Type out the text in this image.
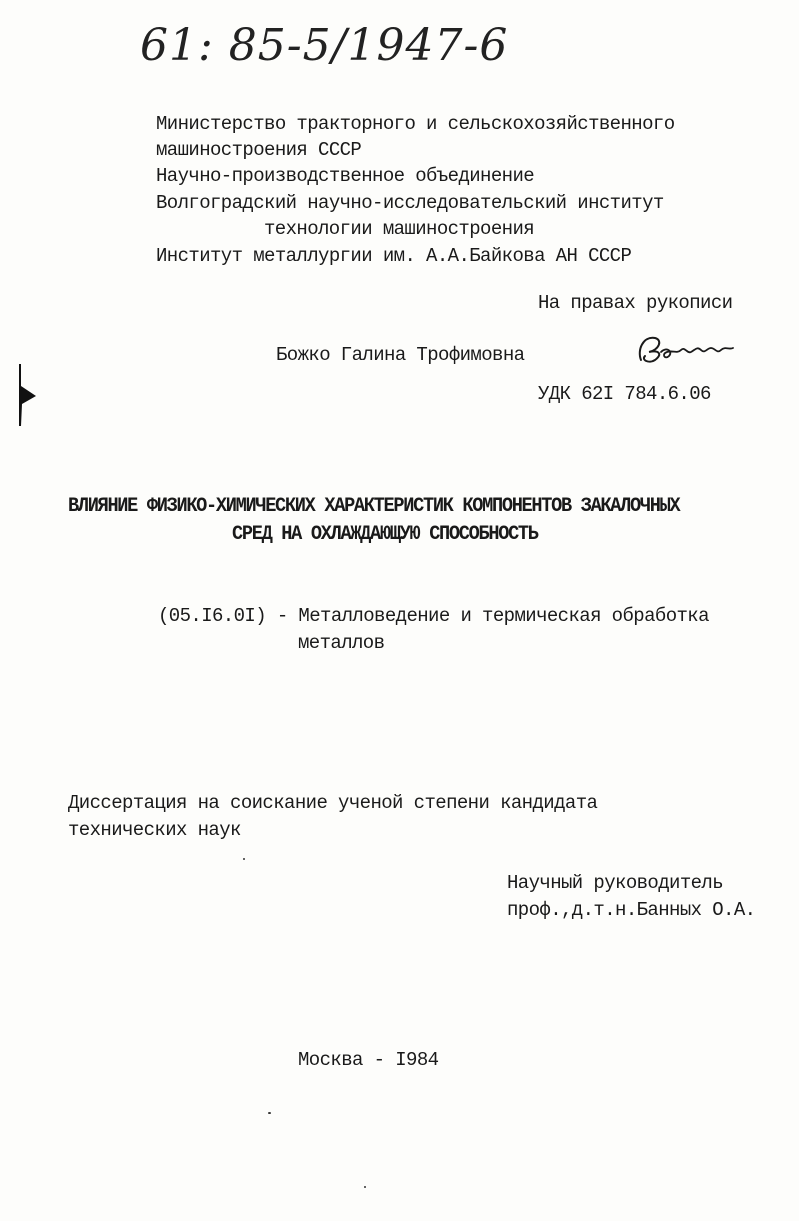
61: 85-5/1947-6
Министерство тракторного и сельскохозяйственного
машиностроения СССР
Научно-производственное объединение
Волгоградский научно-исследовательский институт
технологии машиностроения
Институт металлургии им. А.А.Байкова АН СССР
На правах рукописи
Божко Галина Трофимовна
УДК 62I 784.6.06
ВЛИЯНИЕ ФИЗИКО-ХИМИЧЕСКИХ ХАРАКТЕРИСТИК КОМПОНЕНТОВ ЗАКАЛОЧНЫХ
СРЕД НА ОХЛАЖДАЮЩУЮ СПОСОБНОСТЬ
(05.I6.0I) - Металловедение и термическая обработка
металлов
Диссертация на соискание ученой степени кандидата
технических наук
Научный руководитель
проф.,д.т.н.Банных О.А.
Москва - I984
